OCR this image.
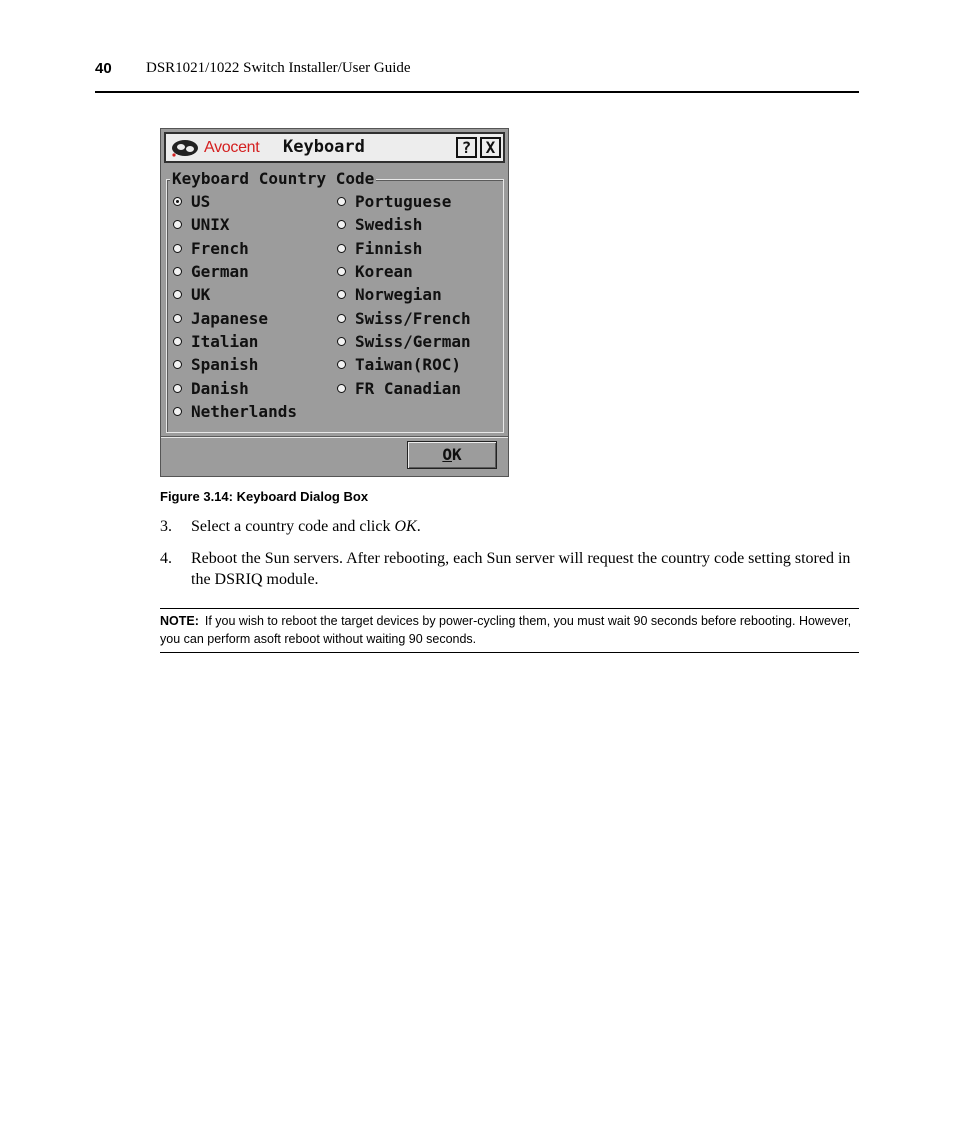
40 DSR1021/1022 Switch Installer/User Guide
Avocent Keyboard	? X
Keyboard Country Code
US
UNIX
French
German
UK
Japanese
Italian
Spanish
Danish
Netherlands
Portuguese
Swedish
Finnish
Korean
Norwegian
Swiss/French
Swiss/German
Taiwan(ROC)
FR Canadian
OK
Figure 3.14: Keyboard Dialog Box
3.	Select a country code and click OK.
4.	Reboot the Sun servers. After rebooting, each Sun server will request the country code setting stored in the DSRIQ module.
NOTE: If you wish to reboot the target devices by power-cycling them, you must wait 90 seconds before rebooting. However, you can perform asoft reboot without waiting 90 seconds.
